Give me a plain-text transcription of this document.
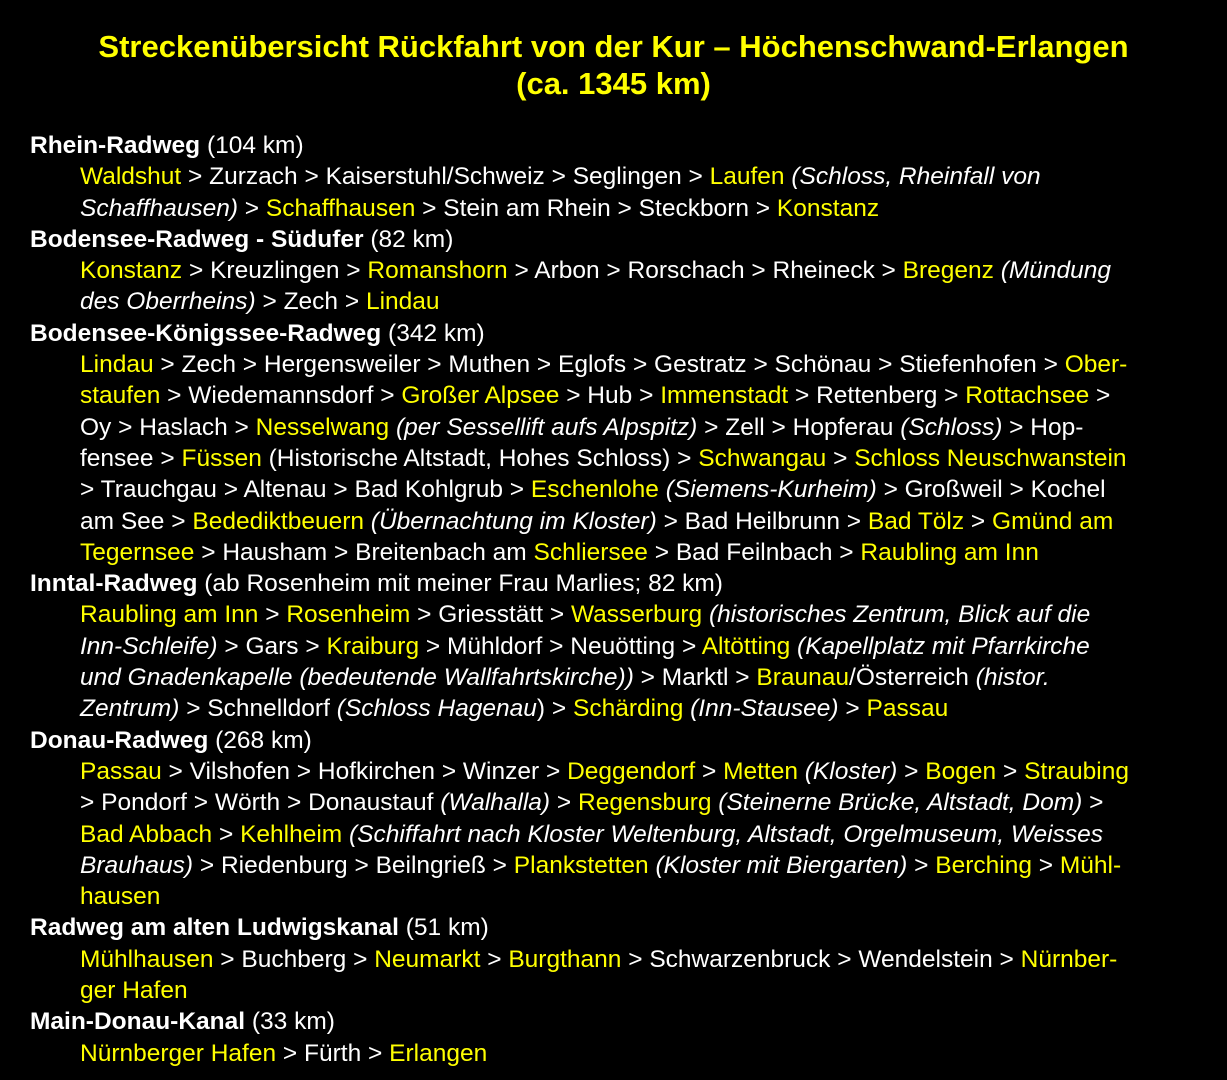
Streckenübersicht Rückfahrt von der Kur – Höchenschwand-Erlangen
(ca. 1345 km)
Rhein-Radweg (104 km)
Waldshut > Zurzach > Kaiserstuhl/Schweiz > Seglingen > Laufen (Schloss, Rheinfall von
Schaffhausen) > Schaffhausen > Stein am Rhein > Steckborn > Konstanz
Bodensee-Radweg - Südufer (82 km)
Konstanz > Kreuzlingen > Romanshorn > Arbon > Rorschach > Rheineck > Bregenz (Mündung
des Oberrheins) > Zech > Lindau
Bodensee-Königssee-Radweg (342 km)
Lindau > Zech > Hergensweiler > Muthen > Eglofs > Gestratz > Schönau > Stiefenhofen > Ober-
staufen > Wiedemannsdorf > Großer Alpsee > Hub > Immenstadt > Rettenberg > Rottachsee >
Oy > Haslach > Nesselwang (per Sessellift aufs Alpspitz) > Zell > Hopferau (Schloss) > Hop-
fensee > Füssen (Historische Altstadt, Hohes Schloss) > Schwangau > Schloss Neuschwanstein
> Trauchgau > Altenau > Bad Kohlgrub > Eschenlohe (Siemens-Kurheim) > Großweil > Kochel
am See > Bedediktbeuern (Übernachtung im Kloster) > Bad Heilbrunn > Bad Tölz > Gmünd am
Tegernsee > Hausham > Breitenbach am Schliersee > Bad Feilnbach > Raubling am Inn
Inntal-Radweg (ab Rosenheim mit meiner Frau Marlies; 82 km)
Raubling am Inn > Rosenheim > Griesstätt > Wasserburg (historisches Zentrum, Blick auf die
Inn-Schleife) > Gars > Kraiburg > Mühldorf > Neuötting > Altötting (Kapellplatz mit Pfarrkirche
und Gnadenkapelle (bedeutende Wallfahrtskirche)) > Marktl > Braunau/Österreich (histor.
Zentrum) > Schnelldorf (Schloss Hagenau) > Schärding (Inn-Stausee) > Passau
Donau-Radweg (268 km)
Passau > Vilshofen > Hofkirchen > Winzer > Deggendorf > Metten (Kloster) > Bogen > Straubing
> Pondorf > Wörth > Donaustauf (Walhalla) > Regensburg (Steinerne Brücke, Altstadt, Dom) >
Bad Abbach > Kehlheim (Schiffahrt nach Kloster Weltenburg, Altstadt, Orgelmuseum, Weisses
Brauhaus) > Riedenburg > Beilngrieß > Plankstetten (Kloster mit Biergarten) > Berching > Mühl-
hausen
Radweg am alten Ludwigskanal (51 km)
Mühlhausen > Buchberg > Neumarkt > Burgthann > Schwarzenbruck > Wendelstein > Nürnber-
ger Hafen
Main-Donau-Kanal (33 km)
Nürnberger Hafen > Fürth > Erlangen
